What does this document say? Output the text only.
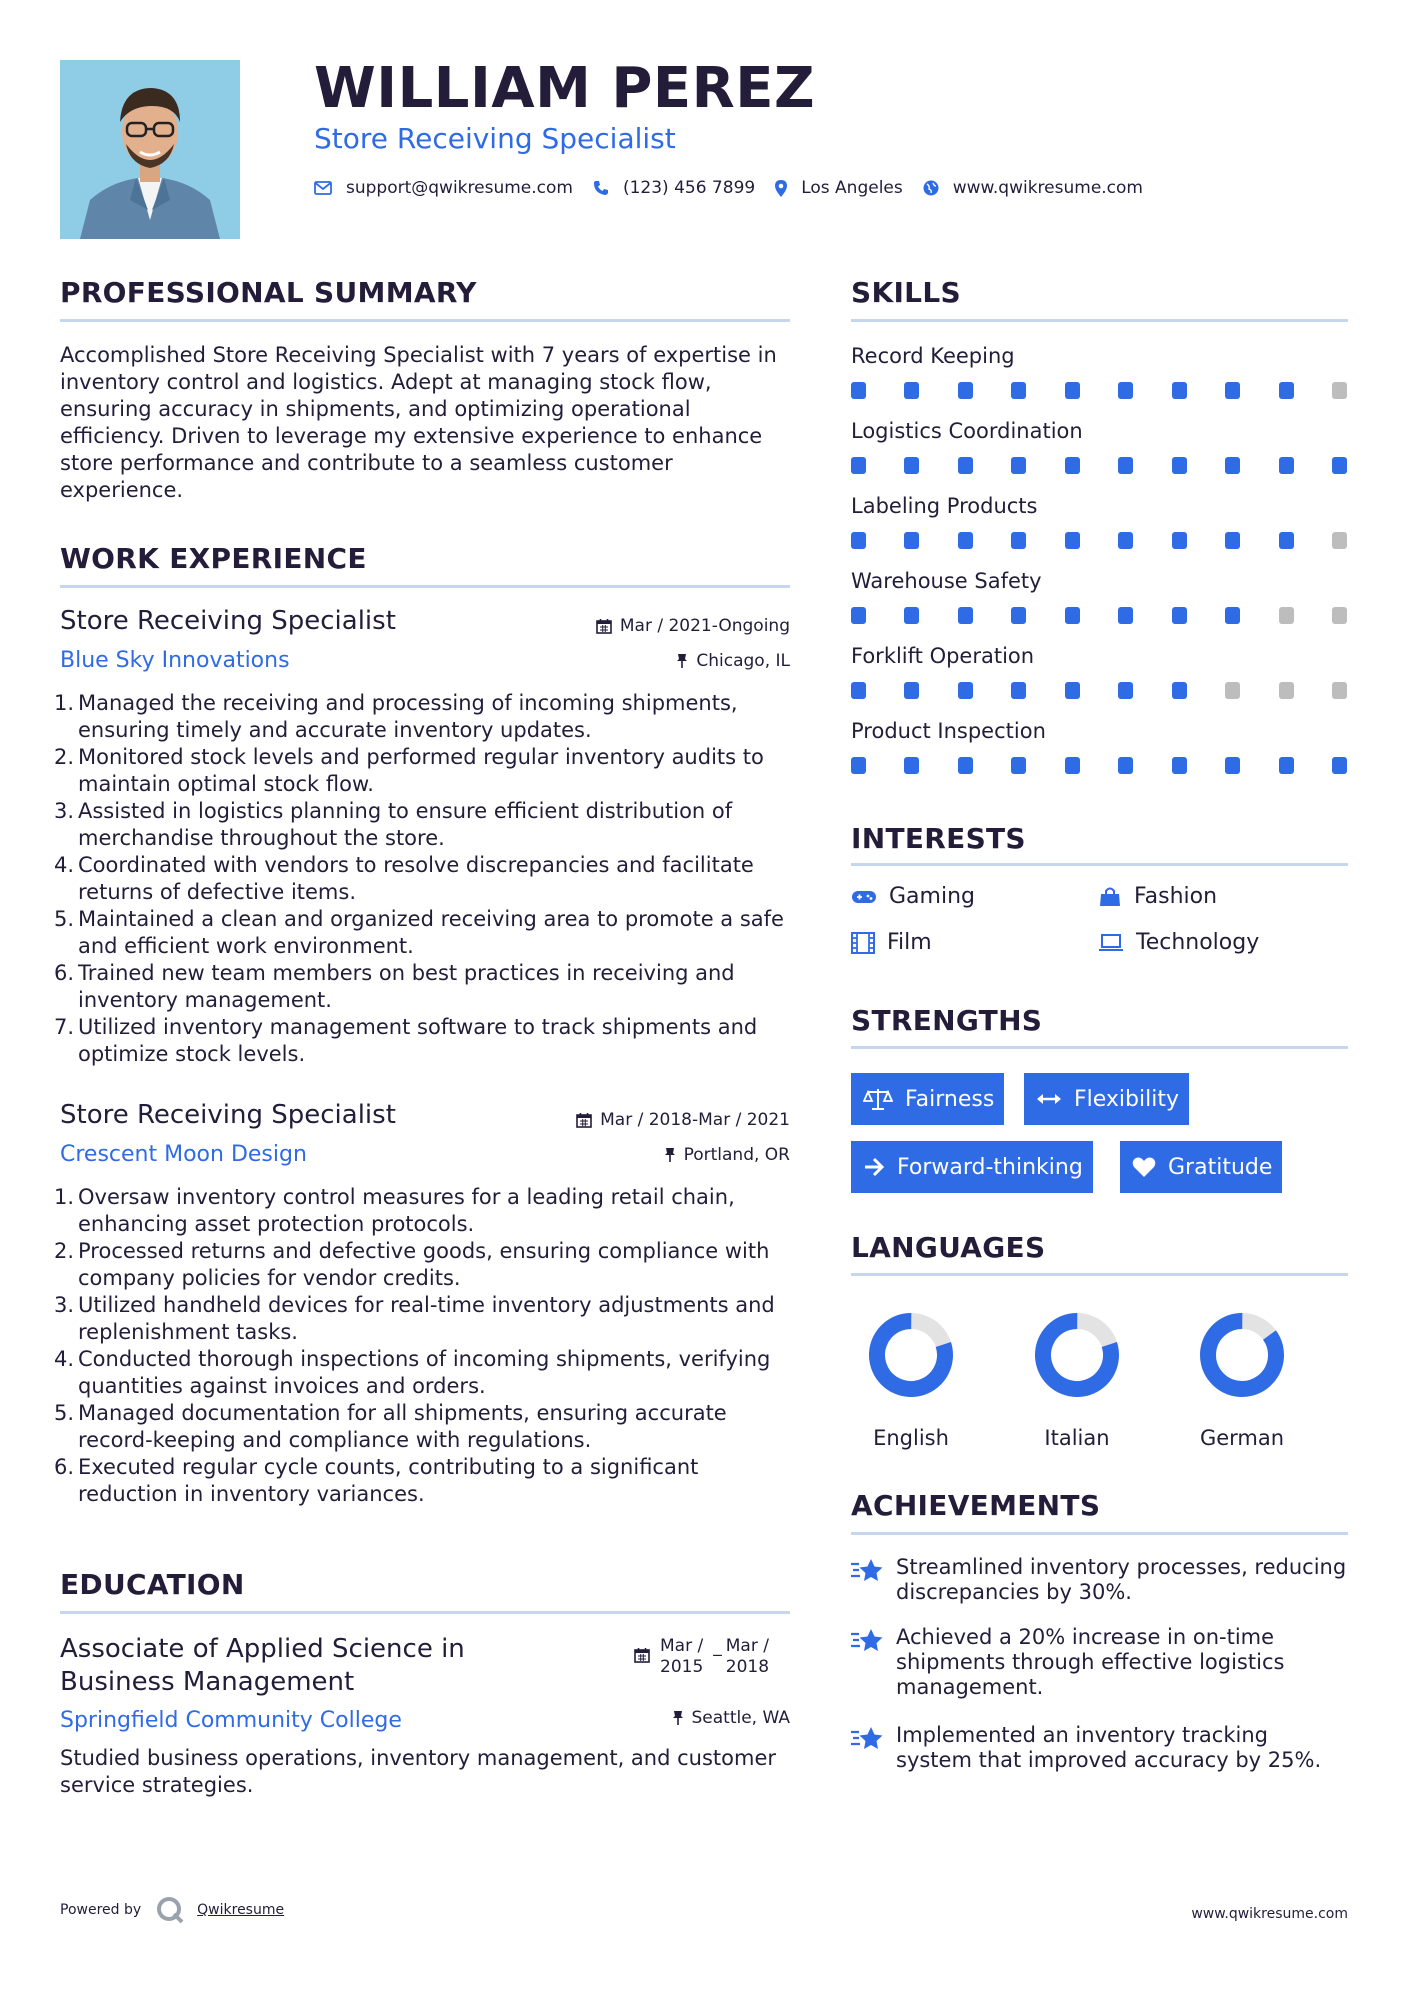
WILLIAM PEREZ
Store Receiving Specialist
support@qwikresume.com	(123) 456 7899	Los Angeles	www.qwikresume.com
PROFESSIONAL SUMMARY
Accomplished Store Receiving Specialist with 7 years of expertise in inventory control and logistics. Adept at managing stock flow, ensuring accuracy in shipments, and optimizing operational efficiency. Driven to leverage my extensive experience to enhance store performance and contribute to a seamless customer experience.
WORK EXPERIENCE
Store Receiving Specialist	Mar / 2021-Ongoing
Blue Sky Innovations	Chicago, IL
1. Managed the receiving and processing of incoming shipments, ensuring timely and accurate inventory updates.
2. Monitored stock levels and performed regular inventory audits to maintain optimal stock flow.
3. Assisted in logistics planning to ensure efficient distribution of merchandise throughout the store.
4. Coordinated with vendors to resolve discrepancies and facilitate returns of defective items.
5. Maintained a clean and organized receiving area to promote a safe and efficient work environment.
6. Trained new team members on best practices in receiving and inventory management.
7. Utilized inventory management software to track shipments and optimize stock levels.
Store Receiving Specialist	Mar / 2018-Mar / 2021
Crescent Moon Design	Portland, OR
1. Oversaw inventory control measures for a leading retail chain, enhancing asset protection protocols.
2. Processed returns and defective goods, ensuring compliance with company policies for vendor credits.
3. Utilized handheld devices for real-time inventory adjustments and replenishment tasks.
4. Conducted thorough inspections of incoming shipments, verifying quantities against invoices and orders.
5. Managed documentation for all shipments, ensuring accurate record-keeping and compliance with regulations.
6. Executed regular cycle counts, contributing to a significant reduction in inventory variances.
EDUCATION
Associate of Applied Science in
Business Management
Mar /
2015
_ Mar /
2018
Springfield Community College	Seattle, WA
Studied business operations, inventory management, and customer service strategies.
SKILLS
Record Keeping
Logistics Coordination
Labeling Products
Warehouse Safety
Forklift Operation
Product Inspection
INTERESTS
Gaming	Fashion
Film	Technology
STRENGTHS
Fairness	Flexibility
Forward-thinking	Gratitude
LANGUAGES
English	Italian	German
ACHIEVEMENTS
Streamlined inventory processes, reducing discrepancies by 30%.
Achieved a 20% increase in on-time shipments through effective logistics management.
Implemented an inventory tracking system that improved accuracy by 25%.
Powered by	Qwikresume	www.qwikresume.com
